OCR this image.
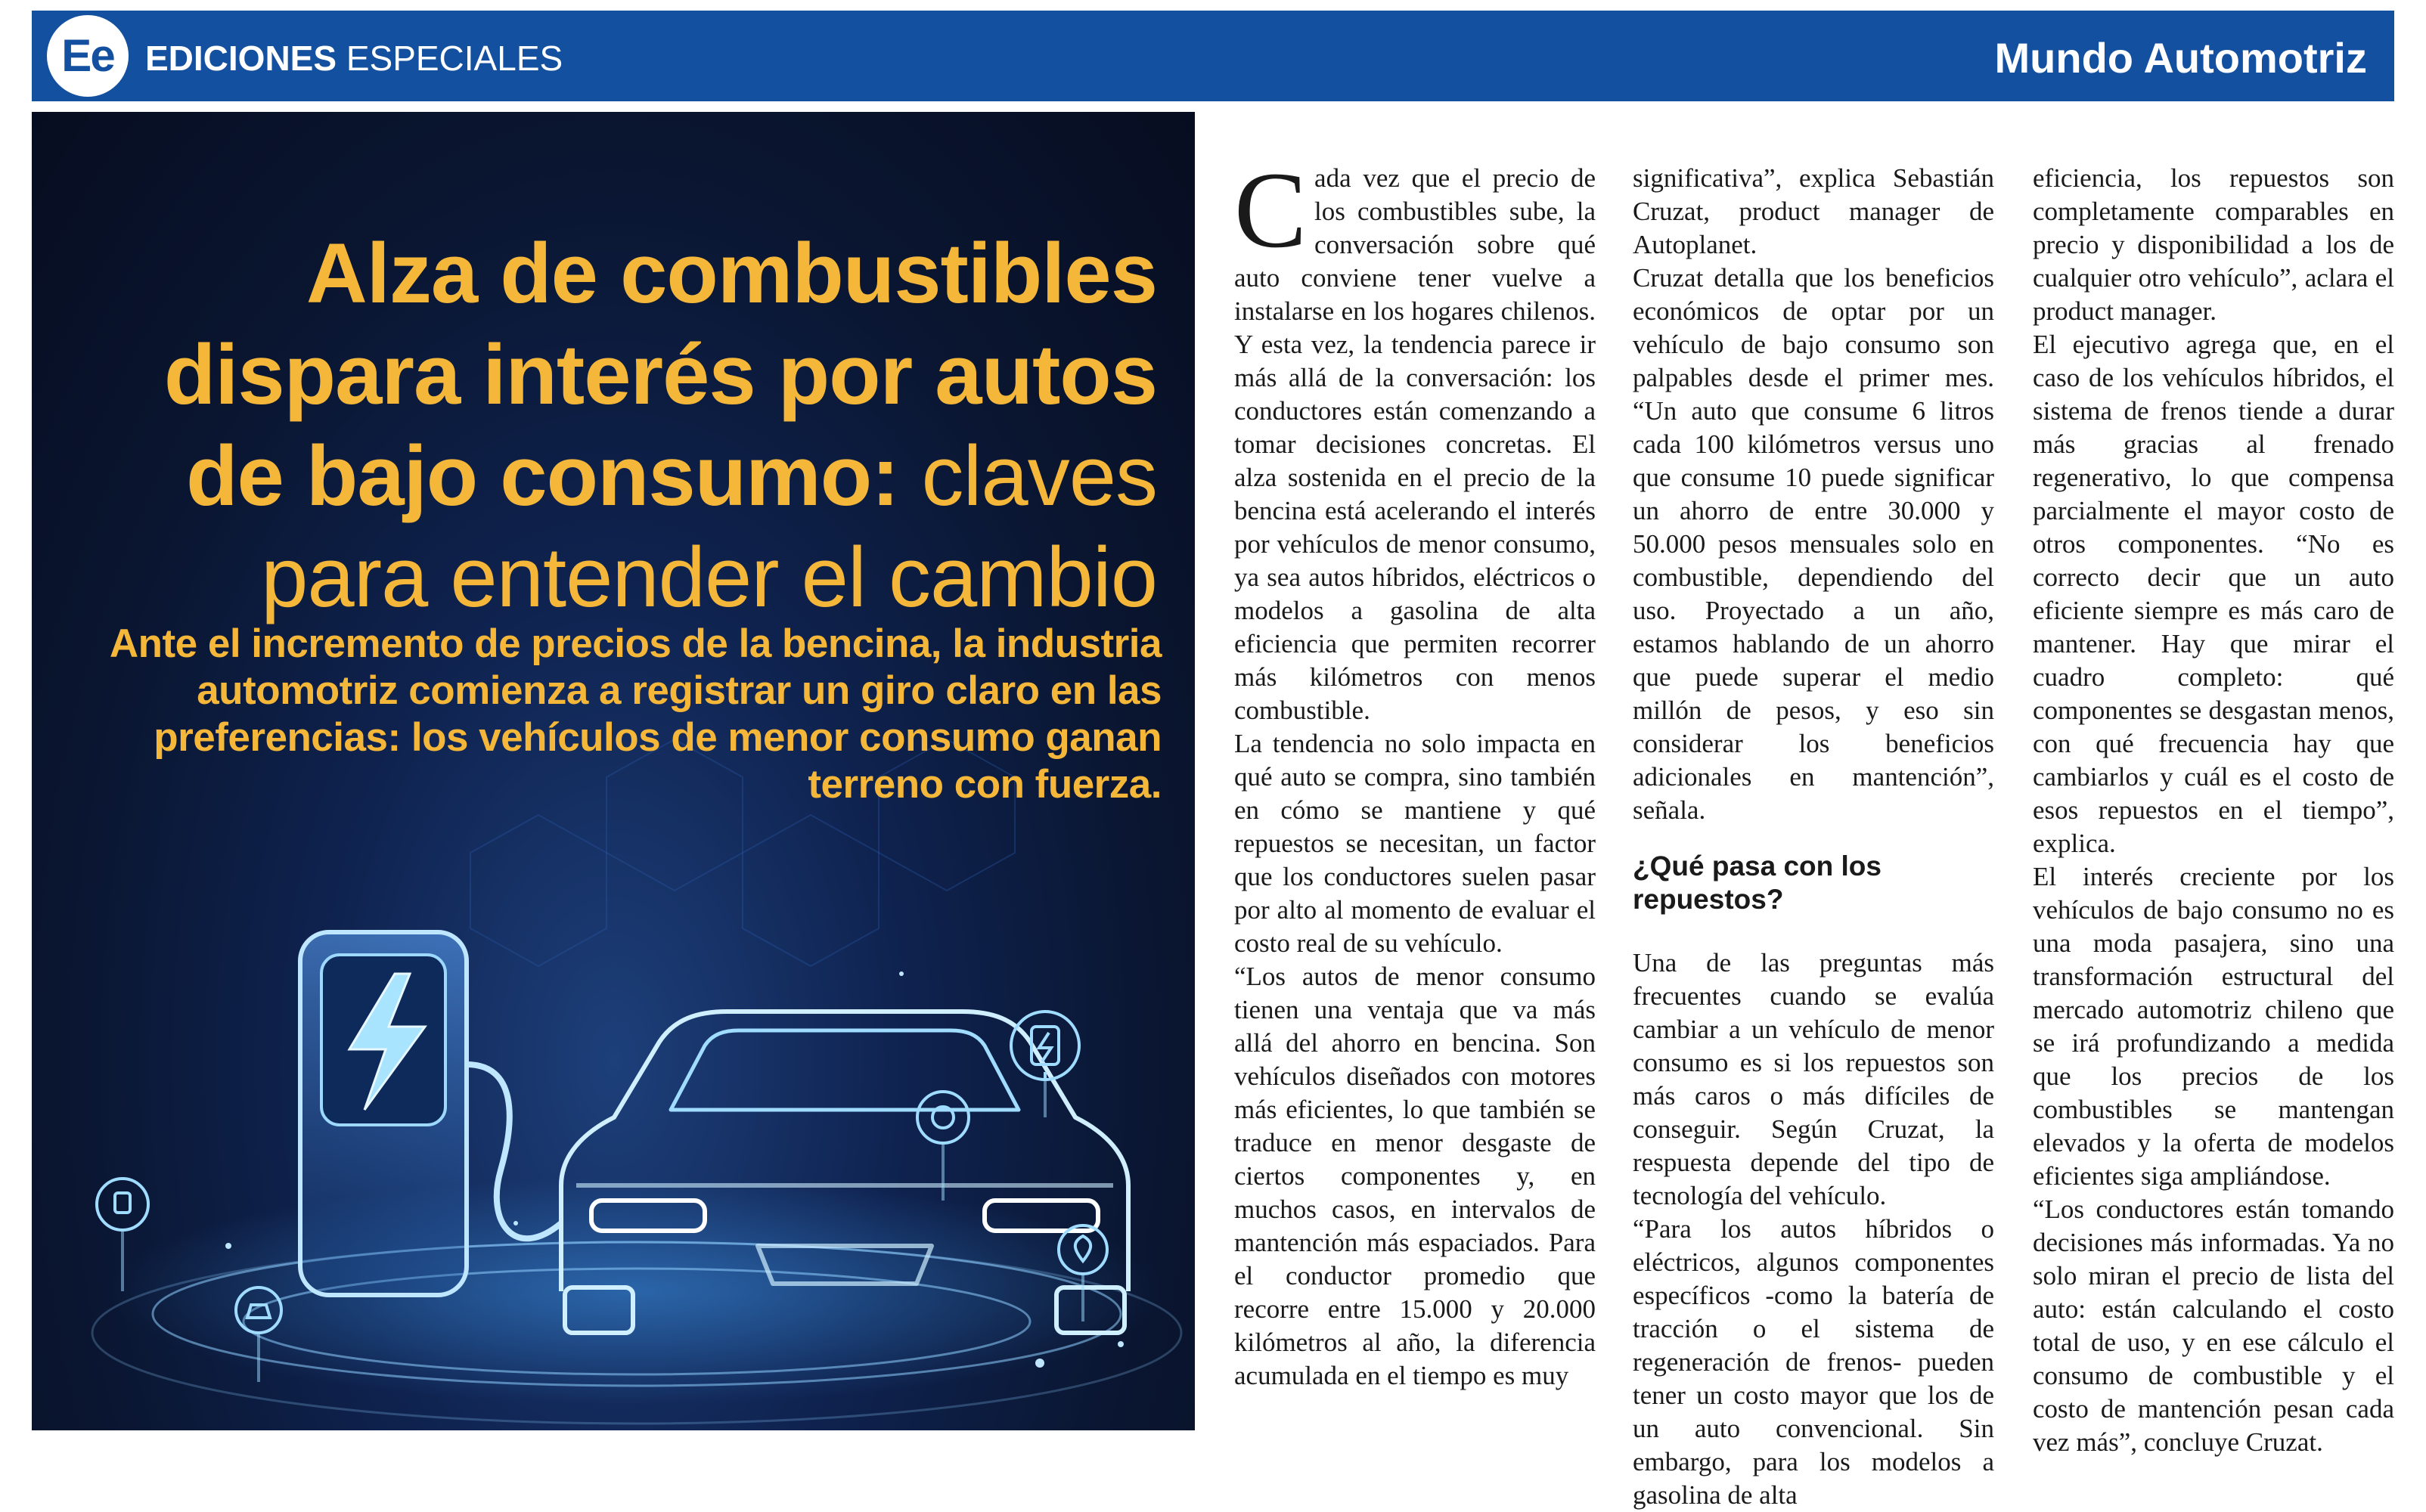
Ee EDICIONES ESPECIALES	Mundo Automotriz
Alza de combustibles dispara interés por autos de bajo consumo: claves para entender el cambio

Ante el incremento de precios de la bencina, la industria automotriz comienza a registrar un giro claro en las preferencias: los vehículos de menor consumo ganan terreno con fuerza.

Cada vez que el precio de los combustibles sube, la conversación sobre qué auto conviene tener vuelve a instalarse en los hogares chilenos. Y esta vez, la tendencia parece ir más allá de la conversación: los conductores están comenzando a tomar decisiones concretas. El alza sostenida en el precio de la bencina está acelerando el interés por vehículos de menor consumo, ya sea autos híbridos, eléctricos o modelos a gasolina de alta eficiencia que permiten recorrer más kilómetros con menos combustible.

La tendencia no solo impacta en qué auto se compra, sino también en cómo se mantiene y qué repuestos se necesitan, un factor que los conductores suelen pasar por alto al momento de evaluar el costo real de su vehículo.

“Los autos de menor consumo tienen una ventaja que va más allá del ahorro en bencina. Son vehículos diseñados con motores más eficientes, lo que también se traduce en menor desgaste de ciertos componentes y, en muchos casos, en intervalos de mantención más espaciados. Para el conductor promedio que recorre entre 15.000 y 20.000 kilómetros al año, la diferencia acumulada en el tiempo es muy

significativa”, explica Sebastián Cruzat, product manager de Autoplanet.

Cruzat detalla que los beneficios económicos de optar por un vehículo de bajo consumo son palpables desde el primer mes. “Un auto que consume 6 litros cada 100 kilómetros versus uno que consume 10 puede significar un ahorro de entre 30.000 y 50.000 pesos mensuales solo en combustible, dependiendo del uso. Proyectado a un año, estamos hablando de un ahorro que puede superar el medio millón de pesos, y eso sin considerar los beneficios adicionales en mantención”, señala.

¿Qué pasa con los repuestos?

Una de las preguntas más frecuentes cuando se evalúa cambiar a un vehículo de menor consumo es si los repuestos son más caros o más difíciles de conseguir. Según Cruzat, la respuesta depende del tipo de tecnología del vehículo.

“Para los autos híbridos o eléctricos, algunos componentes específicos -como la batería de tracción o el sistema de regeneración de frenos- pueden tener un costo mayor que los de un auto convencional. Sin embargo, para los modelos a gasolina de alta

eficiencia, los repuestos son completamente comparables en precio y disponibilidad a los de cualquier otro vehículo”, aclara el product manager.

El ejecutivo agrega que, en el caso de los vehículos híbridos, el sistema de frenos tiende a durar más gracias al frenado regenerativo, lo que compensa parcialmente el mayor costo de otros componentes. “No es correcto decir que un auto eficiente siempre es más caro de mantener. Hay que mirar el cuadro completo: qué componentes se desgastan menos, con qué frecuencia hay que cambiarlos y cuál es el costo de esos repuestos en el tiempo”, explica.

El interés creciente por los vehículos de bajo consumo no es una moda pasajera, sino una transformación estructural del mercado automotriz chileno que se irá profundizando a medida que los precios de los combustibles se mantengan elevados y la oferta de modelos eficientes siga ampliándose.

“Los conductores están tomando decisiones más informadas. Ya no solo miran el precio de lista del auto: están calculando el costo total de uso, y en ese cálculo el consumo de combustible y el costo de mantención pesan cada vez más”, concluye Cruzat.
